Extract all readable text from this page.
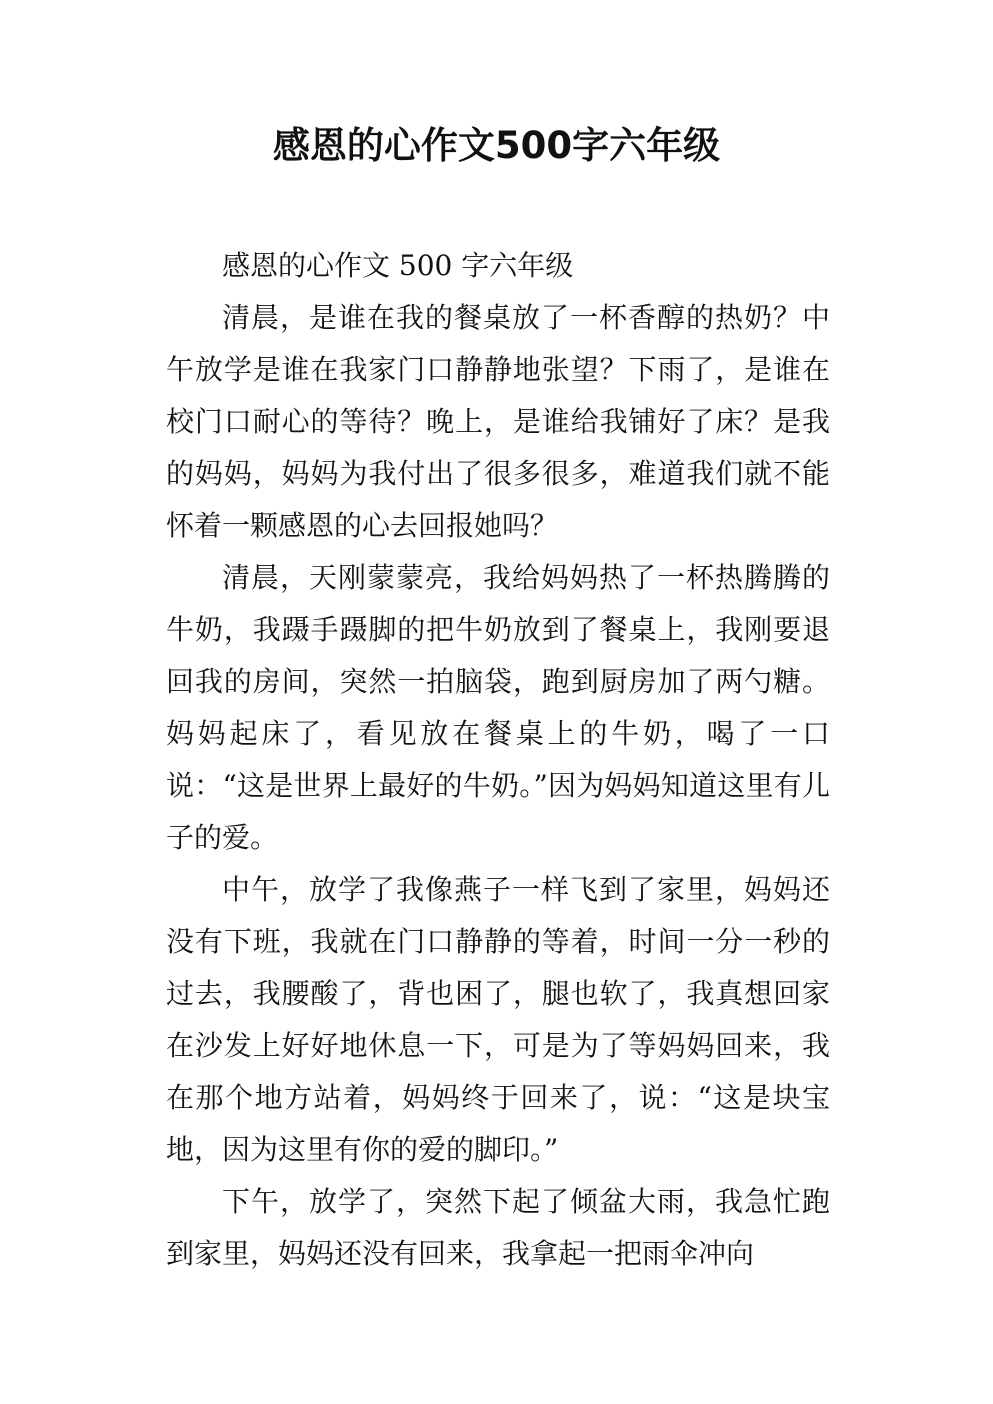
感恩的心作文500字六年级

感恩的心作文 500 字六年级

清晨，是谁在我的餐桌放了一杯香醇的热奶？中午放学是谁在我家门口静静地张望？下雨了，是谁在校门口耐心的等待？晚上，是谁给我铺好了床？是我的妈妈，妈妈为我付出了很多很多，难道我们就不能怀着一颗感恩的心去回报她吗？

清晨，天刚蒙蒙亮，我给妈妈热了一杯热腾腾的牛奶，我蹑手蹑脚的把牛奶放到了餐桌上，我刚要退回我的房间，突然一拍脑袋，跑到厨房加了两勺糖。妈妈起床了，看见放在餐桌上的牛奶，喝了一口说：“这是世界上最好的牛奶。”因为妈妈知道这里有儿子的爱。

中午，放学了我像燕子一样飞到了家里，妈妈还没有下班，我就在门口静静的等着，时间一分一秒的过去，我腰酸了，背也困了，腿也软了，我真想回家在沙发上好好地休息一下，可是为了等妈妈回来，我在那个地方站着，妈妈终于回来了，说：“这是块宝地，因为这里有你的爱的脚印。”

下午，放学了，突然下起了倾盆大雨，我急忙跑到家里，妈妈还没有回来，我拿起一把雨伞冲向
